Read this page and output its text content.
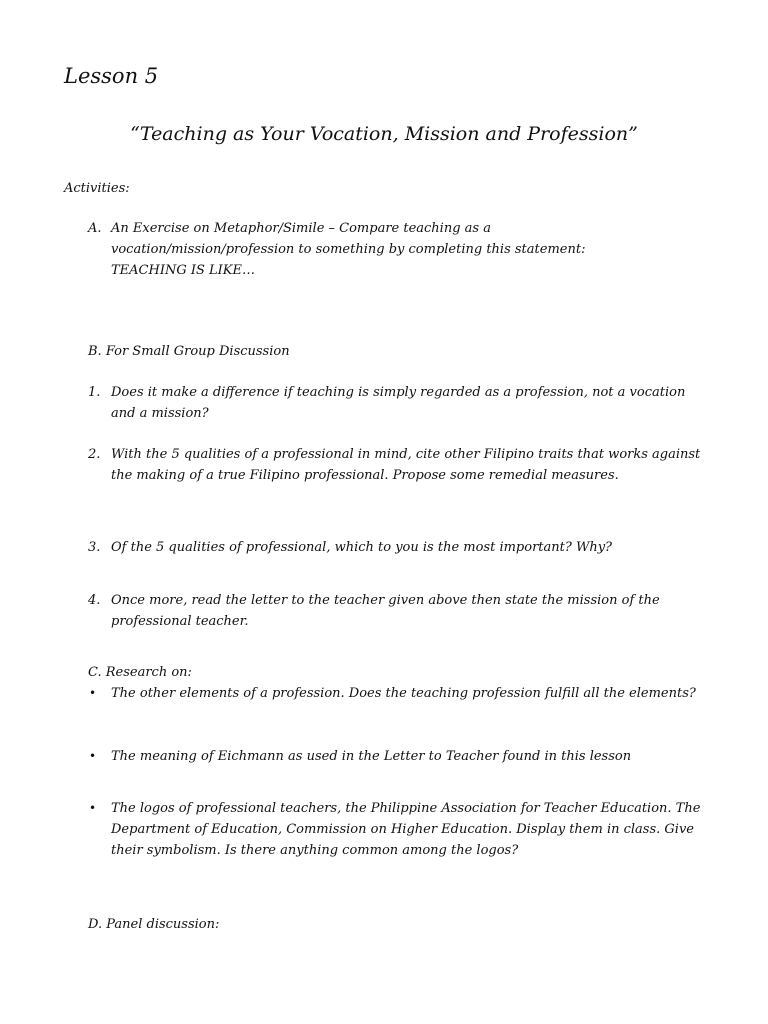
Lesson 5
“Teaching as Your Vocation, Mission and Profession”
Activities:
A. An Exercise on Metaphor/Simile – Compare teaching as a vocation/mission/profession to something by completing this statement: TEACHING IS LIKE…
B. For Small Group Discussion
1. Does it make a difference if teaching is simply regarded as a profession, not a vocation and a mission?
2. With the 5 qualities of a professional in mind, cite other Filipino traits that works against the making of a true Filipino professional. Propose some remedial measures.
3. Of the 5 qualities of professional, which to you is the most important? Why?
4. Once more, read the letter to the teacher given above then state the mission of the professional teacher.
C. Research on:
•	The other elements of a profession. Does the teaching profession fulfill all the elements?
•	The meaning of Eichmann as used in the Letter to Teacher found in this lesson
•	The logos of professional teachers, the Philippine Association for Teacher Education. The Department of Education, Commission on Higher Education. Display them in class. Give their symbolism. Is there anything common among the logos?
D. Panel discussion:
